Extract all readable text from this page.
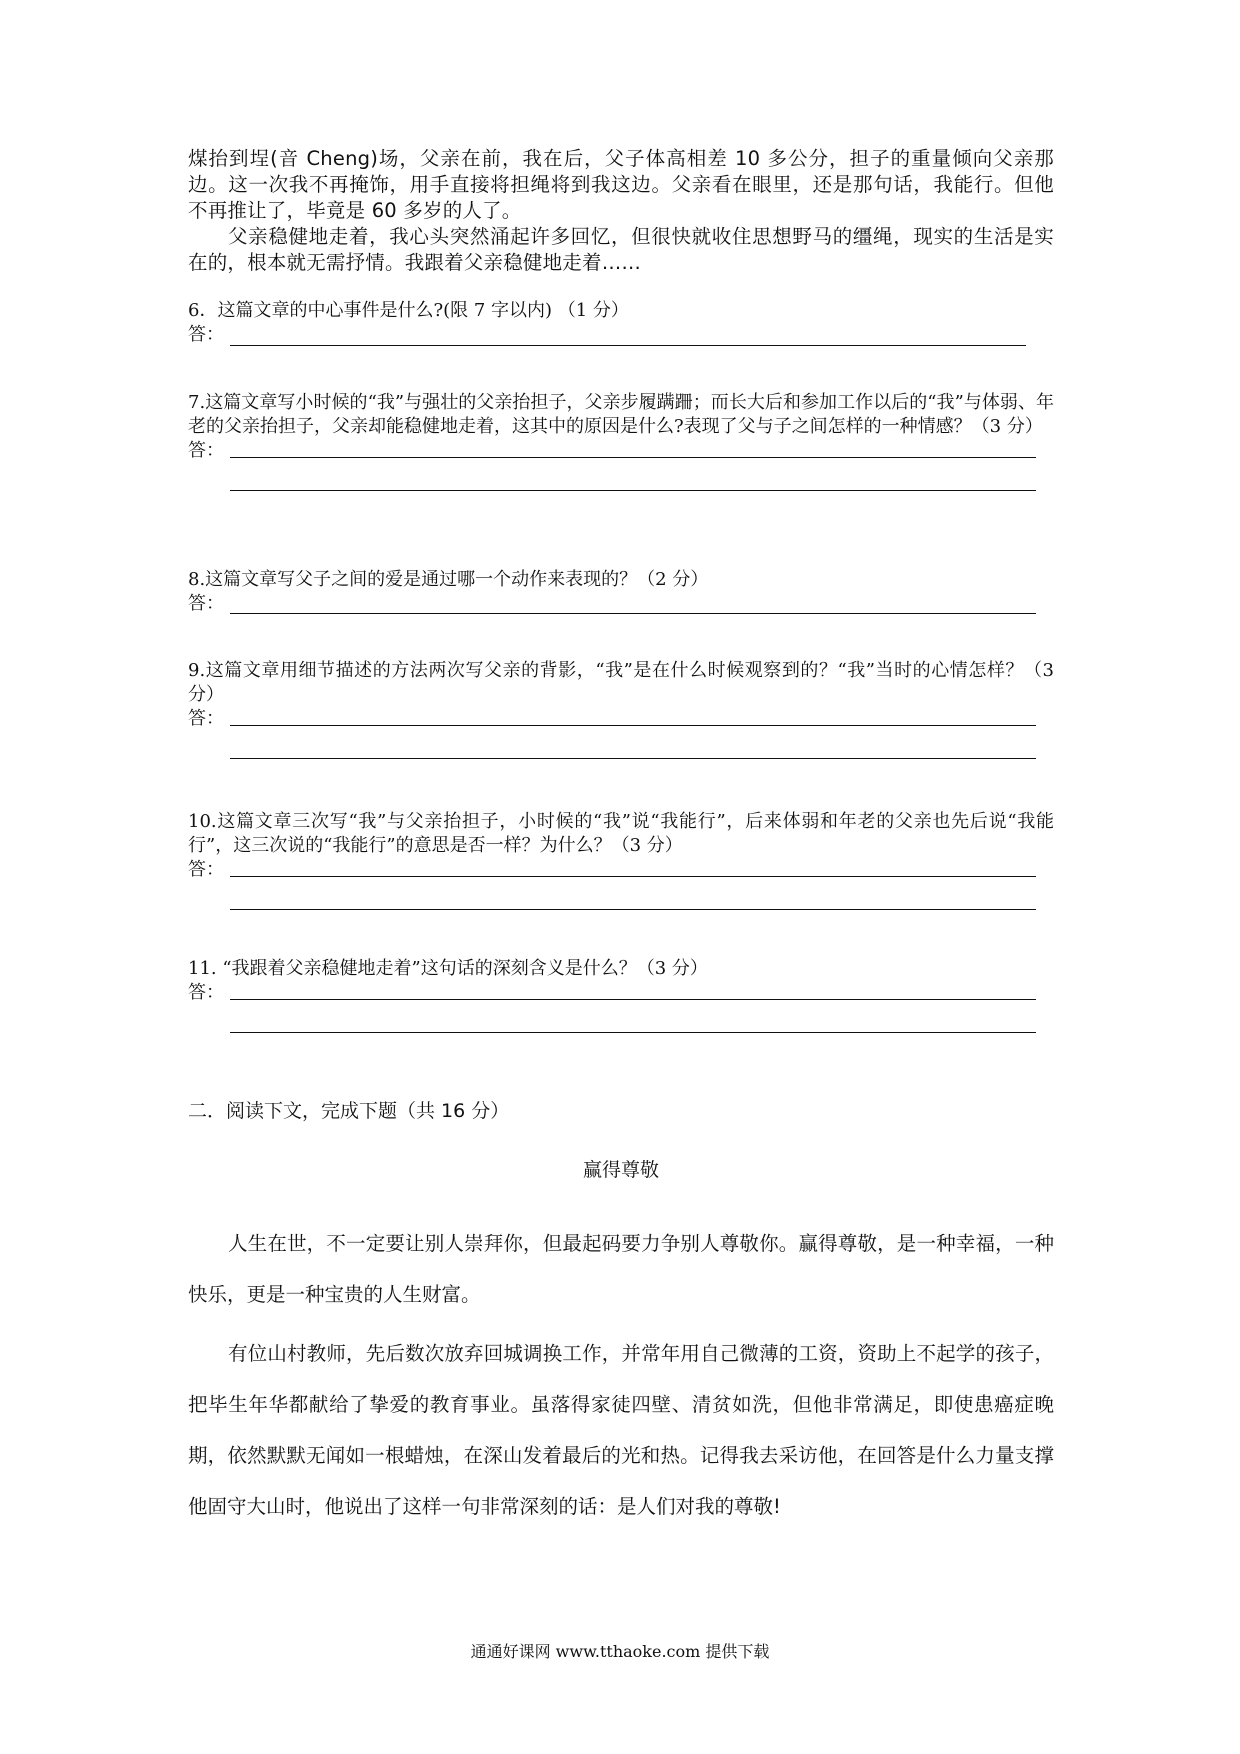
煤抬到埕(音 Cheng)场，父亲在前，我在后，父子体高相差 10 多公分，担子的重量倾向父亲那边。这一次我不再掩饰，用手直接将担绳将到我这边。父亲看在眼里，还是那句话，我能行。但他不再推让了，毕竟是 60 多岁的人了。

父亲稳健地走着，我心头突然涌起许多回忆，但很快就收住思想野马的缰绳，现实的生活是实在的，根本就无需抒情。我跟着父亲稳健地走着……

6．这篇文章的中心事件是什么?(限 7 字以内) （1 分）

答：

7.这篇文章写小时候的“我”与强壮的父亲抬担子，父亲步履蹒跚；而长大后和参加工作以后的“我”与体弱、年老的父亲抬担子，父亲却能稳健地走着，这其中的原因是什么?表现了父与子之间怎样的一种情感？（3 分）

答：

8.这篇文章写父子之间的爱是通过哪一个动作来表现的？（2 分）

答：

9.这篇文章用细节描述的方法两次写父亲的背影，“我”是在什么时候观察到的？“我”当时的心情怎样？（3 分）

答：

10.这篇文章三次写“我”与父亲抬担子，小时候的“我”说“我能行”，后来体弱和年老的父亲也先后说“我能行”，这三次说的“我能行”的意思是否一样？为什么？（3 分）

答：

11. “我跟着父亲稳健地走着”这句话的深刻含义是什么？（3 分）

答：
二．阅读下文，完成下题（共 16 分）
赢得尊敬

人生在世，不一定要让别人崇拜你，但最起码要力争别人尊敬你。赢得尊敬，是一种幸福，一种快乐，更是一种宝贵的人生财富。

有位山村教师，先后数次放弃回城调换工作，并常年用自己微薄的工资，资助上不起学的孩子，把毕生年华都献给了挚爱的教育事业。虽落得家徒四壁、清贫如洗，但他非常满足，即使患癌症晚期，依然默默无闻如一根蜡烛，在深山发着最后的光和热。记得我去采访他，在回答是什么力量支撑他固守大山时，他说出了这样一句非常深刻的话：是人们对我的尊敬!

通通好课网 www.tthaoke.com 提供下载
